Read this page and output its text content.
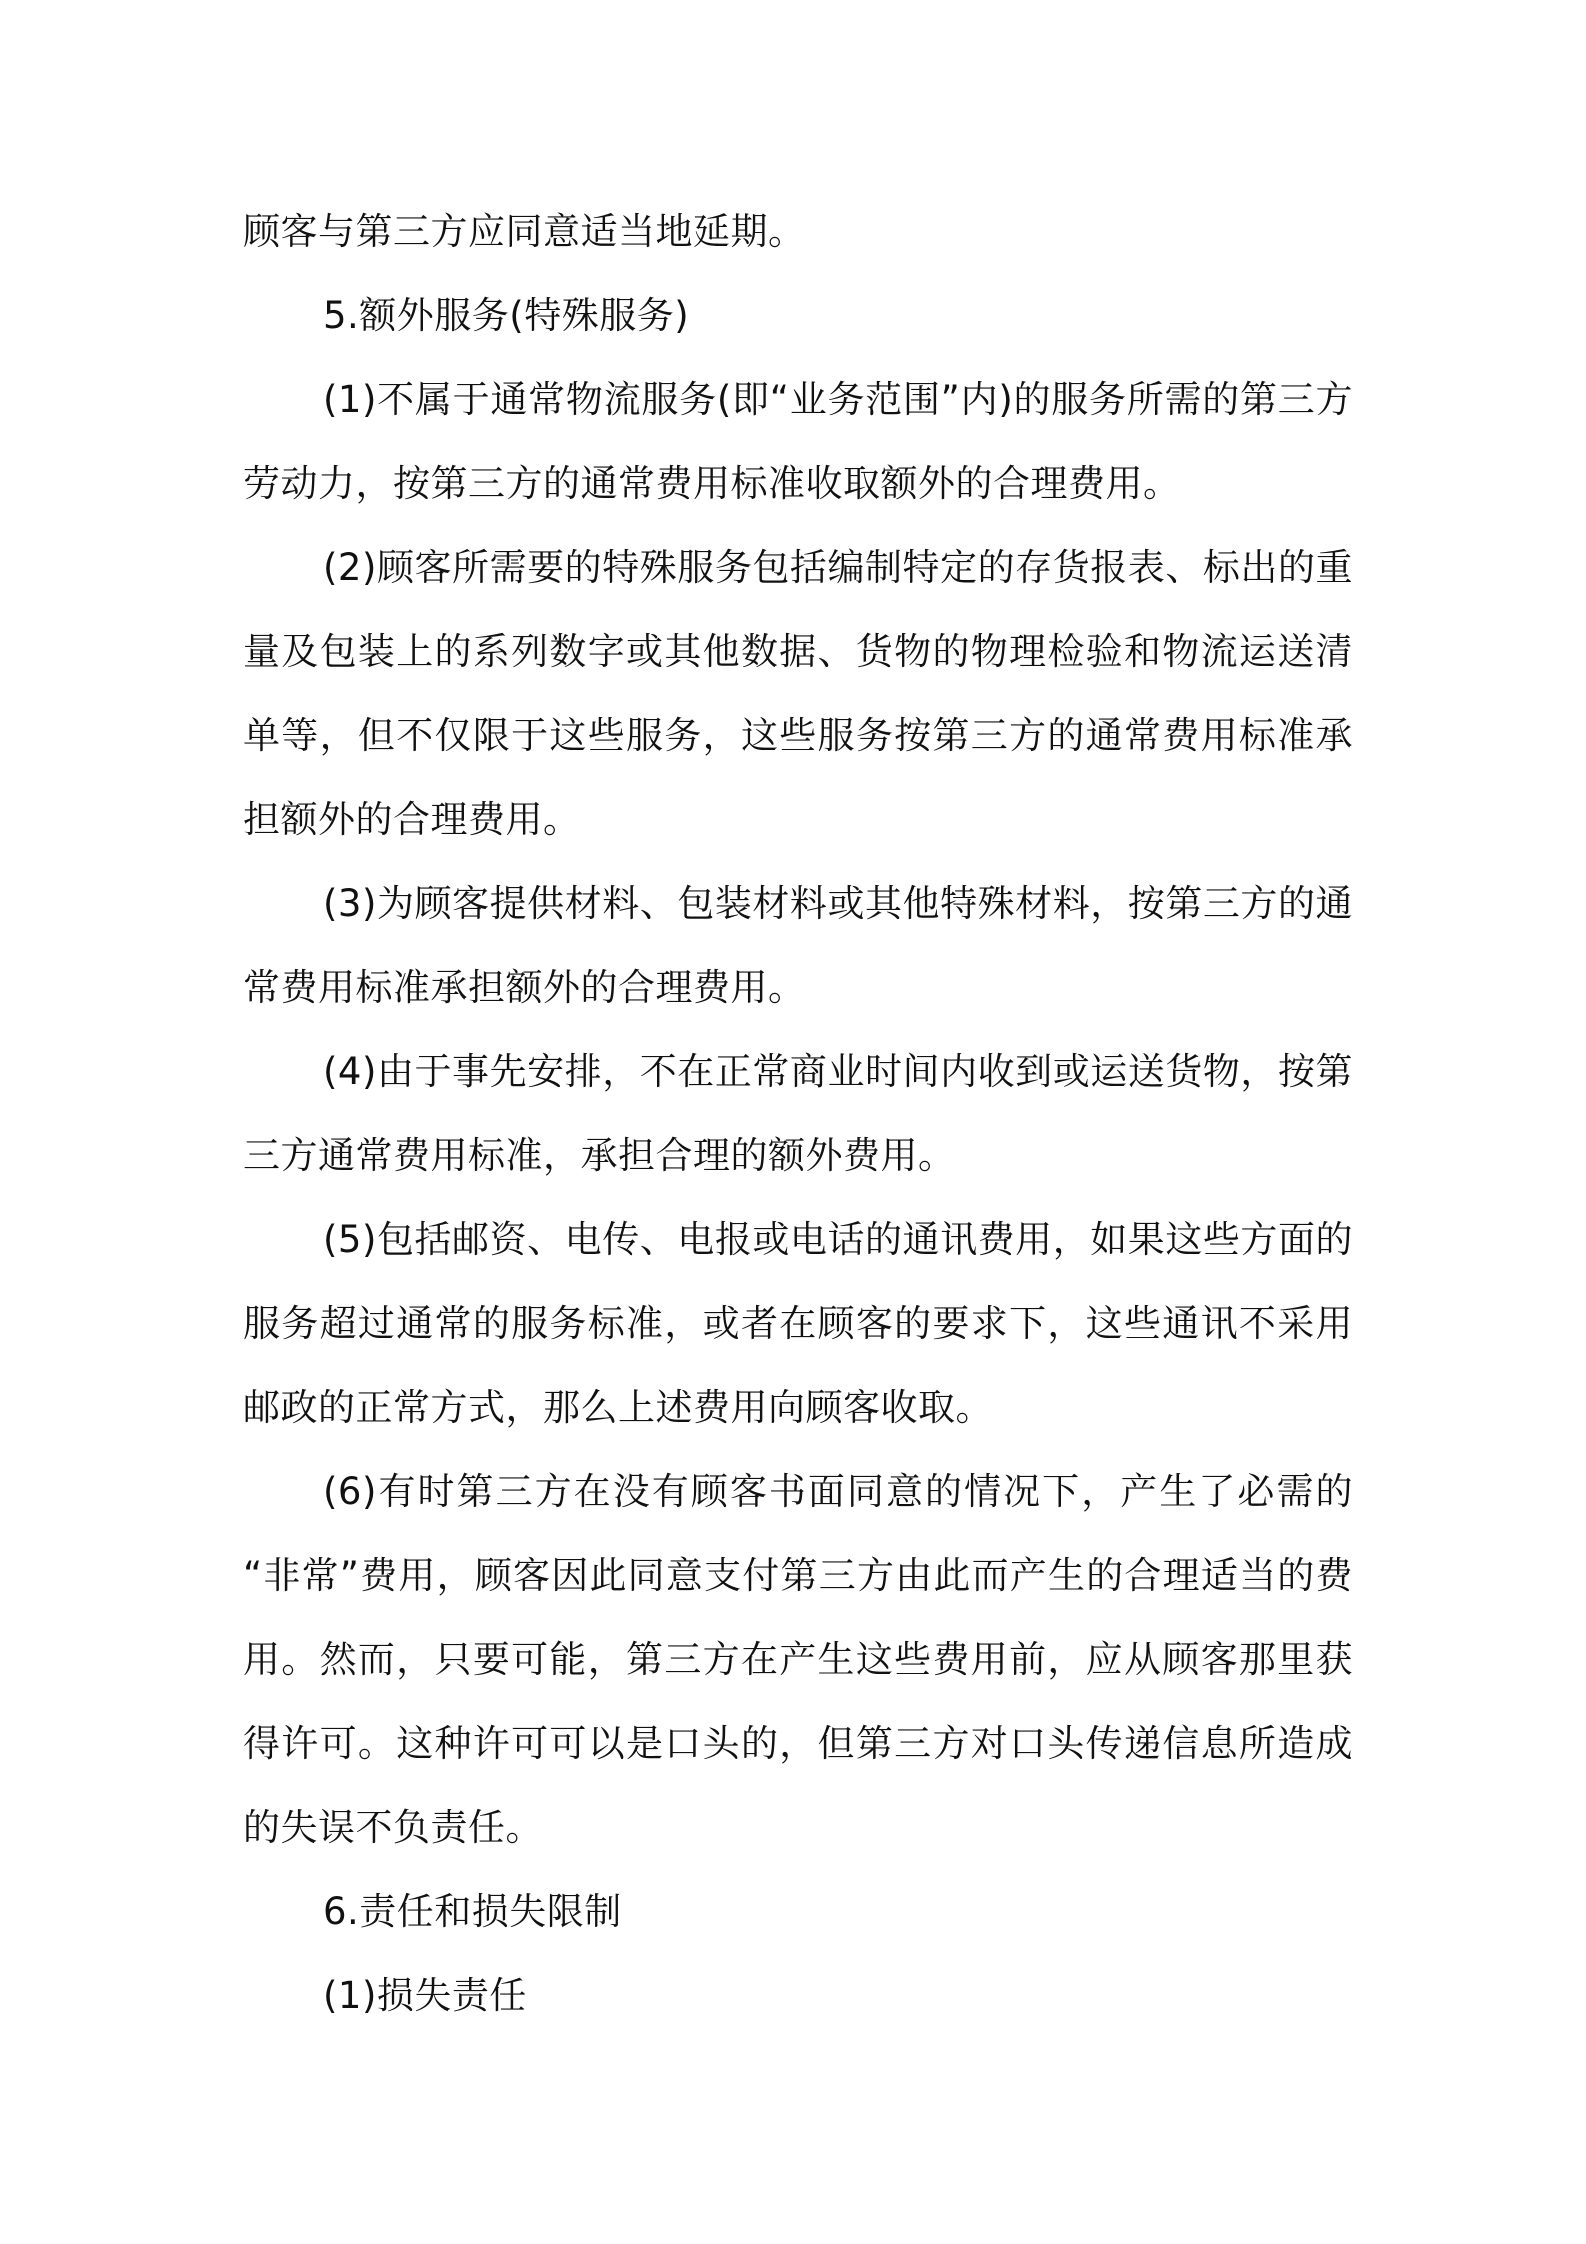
顾客与第三方应同意适当地延期。

5.额外服务(特殊服务)

(1)不属于通常物流服务(即“业务范围”内)的服务所需的第三方劳动力，按第三方的通常费用标准收取额外的合理费用。

(2)顾客所需要的特殊服务包括编制特定的存货报表、标出的重量及包装上的系列数字或其他数据、货物的物理检验和物流运送清单等，但不仅限于这些服务，这些服务按第三方的通常费用标准承担额外的合理费用。

(3)为顾客提供材料、包装材料或其他特殊材料，按第三方的通常费用标准承担额外的合理费用。

(4)由于事先安排，不在正常商业时间内收到或运送货物，按第三方通常费用标准，承担合理的额外费用。

(5)包括邮资、电传、电报或电话的通讯费用，如果这些方面的服务超过通常的服务标准，或者在顾客的要求下，这些通讯不采用邮政的正常方式，那么上述费用向顾客收取。

(6)有时第三方在没有顾客书面同意的情况下，产生了必需的 “非常”费用，顾客因此同意支付第三方由此而产生的合理适当的费用。然而，只要可能，第三方在产生这些费用前，应从顾客那里获得许可。这种许可可以是口头的，但第三方对口头传递信息所造成的失误不负责任。

6.责任和损失限制

(1)损失责任
